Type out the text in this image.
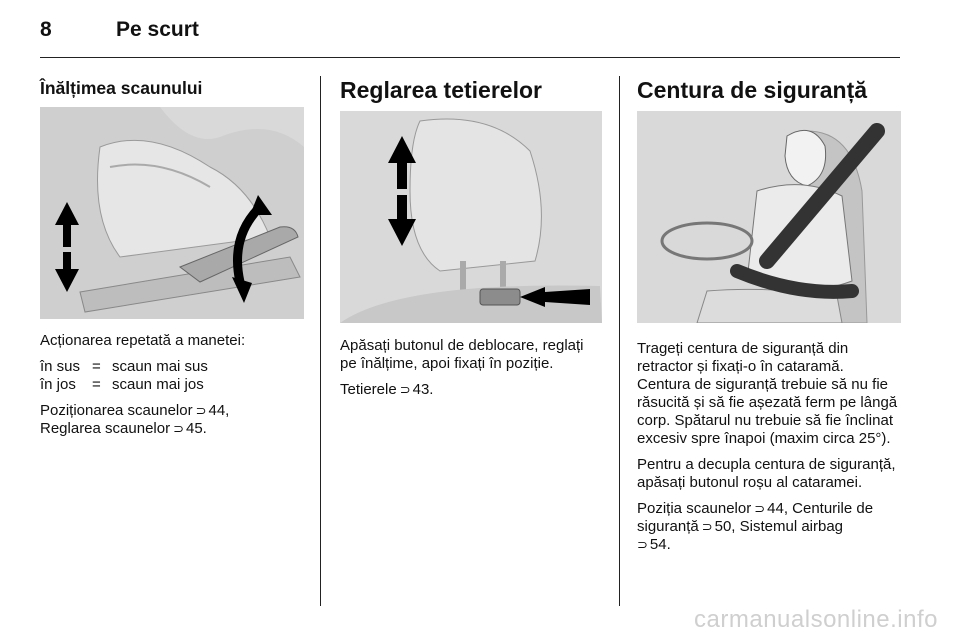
8	Pe scurt
Înălțimea scaunului

Acționarea repetată a manetei:

în sus = scaun mai sus
în jos	= scaun mai jos

Poziționarea scaunelor ⊃ 44,
Reglarea scaunelor ⊃ 45.

Reglarea tetierelor

Apăsați butonul de deblocare, reglați pe înălțime, apoi fixați în poziție.

Tetierele ⊃ 43.

Centura de siguranță

Trageți centura de siguranță din retractor și fixați-o în cataramă.

Centura de siguranță trebuie să nu fie răsucită și să fie așezată ferm pe lângă corp. Spătarul nu trebuie să fie înclinat excesiv spre înapoi (maxim circa 25°).

Pentru a decupla centura de siguranță, apăsați butonul roșu al cataramei.

Poziția scaunelor ⊃ 44, Centurile de siguranță ⊃ 50, Sistemul airbag
⊃ 54.

carmanualsonline.info
